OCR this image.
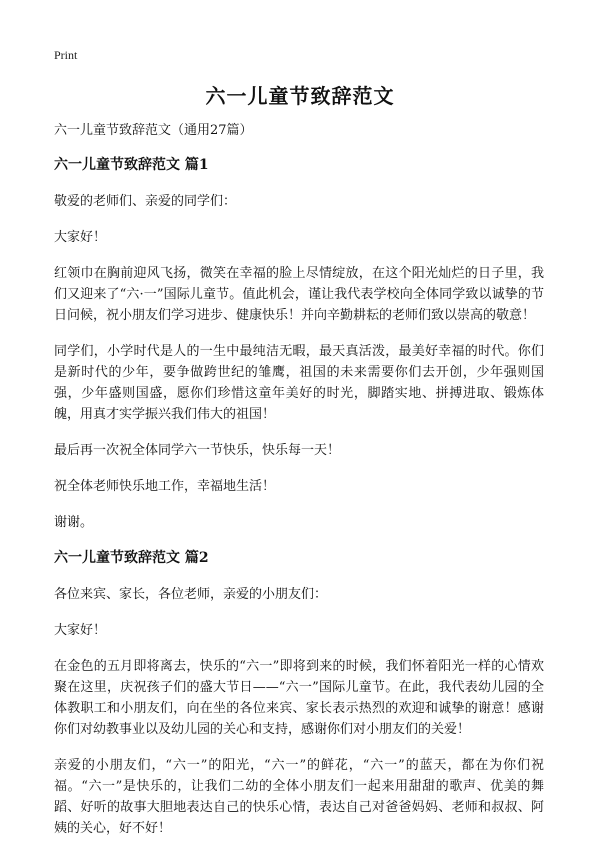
Print
六一儿童节致辞范文

六一儿童节致辞范文（通用27篇）

六一儿童节致辞范文 篇1

敬爱的老师们、亲爱的同学们：

大家好！

红领巾在胸前迎风飞扬，微笑在幸福的脸上尽情绽放，在这个阳光灿烂的日子里，我们又迎来了“六·一”国际儿童节。值此机会，谨让我代表学校向全体同学致以诚挚的节日问候，祝小朋友们学习进步、健康快乐！并向辛勤耕耘的老师们致以崇高的敬意！

同学们，小学时代是人的一生中最纯洁无暇，最天真活泼，最美好幸福的时代。你们是新时代的少年，要争做跨世纪的雏鹰，祖国的未来需要你们去开创，少年强则国强，少年盛则国盛，愿你们珍惜这童年美好的时光，脚踏实地、拼搏进取、锻炼体魄，用真才实学振兴我们伟大的祖国！

最后再一次祝全体同学六一节快乐，快乐每一天！

祝全体老师快乐地工作，幸福地生活！

谢谢。

六一儿童节致辞范文 篇2

各位来宾、家长，各位老师，亲爱的小朋友们：

大家好！

在金色的五月即将离去，快乐的“六一”即将到来的时候，我们怀着阳光一样的心情欢聚在这里，庆祝孩子们的盛大节日——“六一”国际儿童节。在此，我代表幼儿园的全体教职工和小朋友们，向在坐的各位来宾、家长表示热烈的欢迎和诚挚的谢意！感谢你们对幼教事业以及幼儿园的关心和支持，感谢你们对小朋友们的关爱！

亲爱的小朋友们，“六一”的阳光，“六一”的鲜花，“六一”的蓝天，都在为你们祝福。“六一”是快乐的，让我们二幼的全体小朋友们一起来用甜甜的歌声、优美的舞蹈、好听的故事大胆地表达自己的快乐心情，表达自己对爸爸妈妈、老师和叔叔、阿姨的关心，好不好！
